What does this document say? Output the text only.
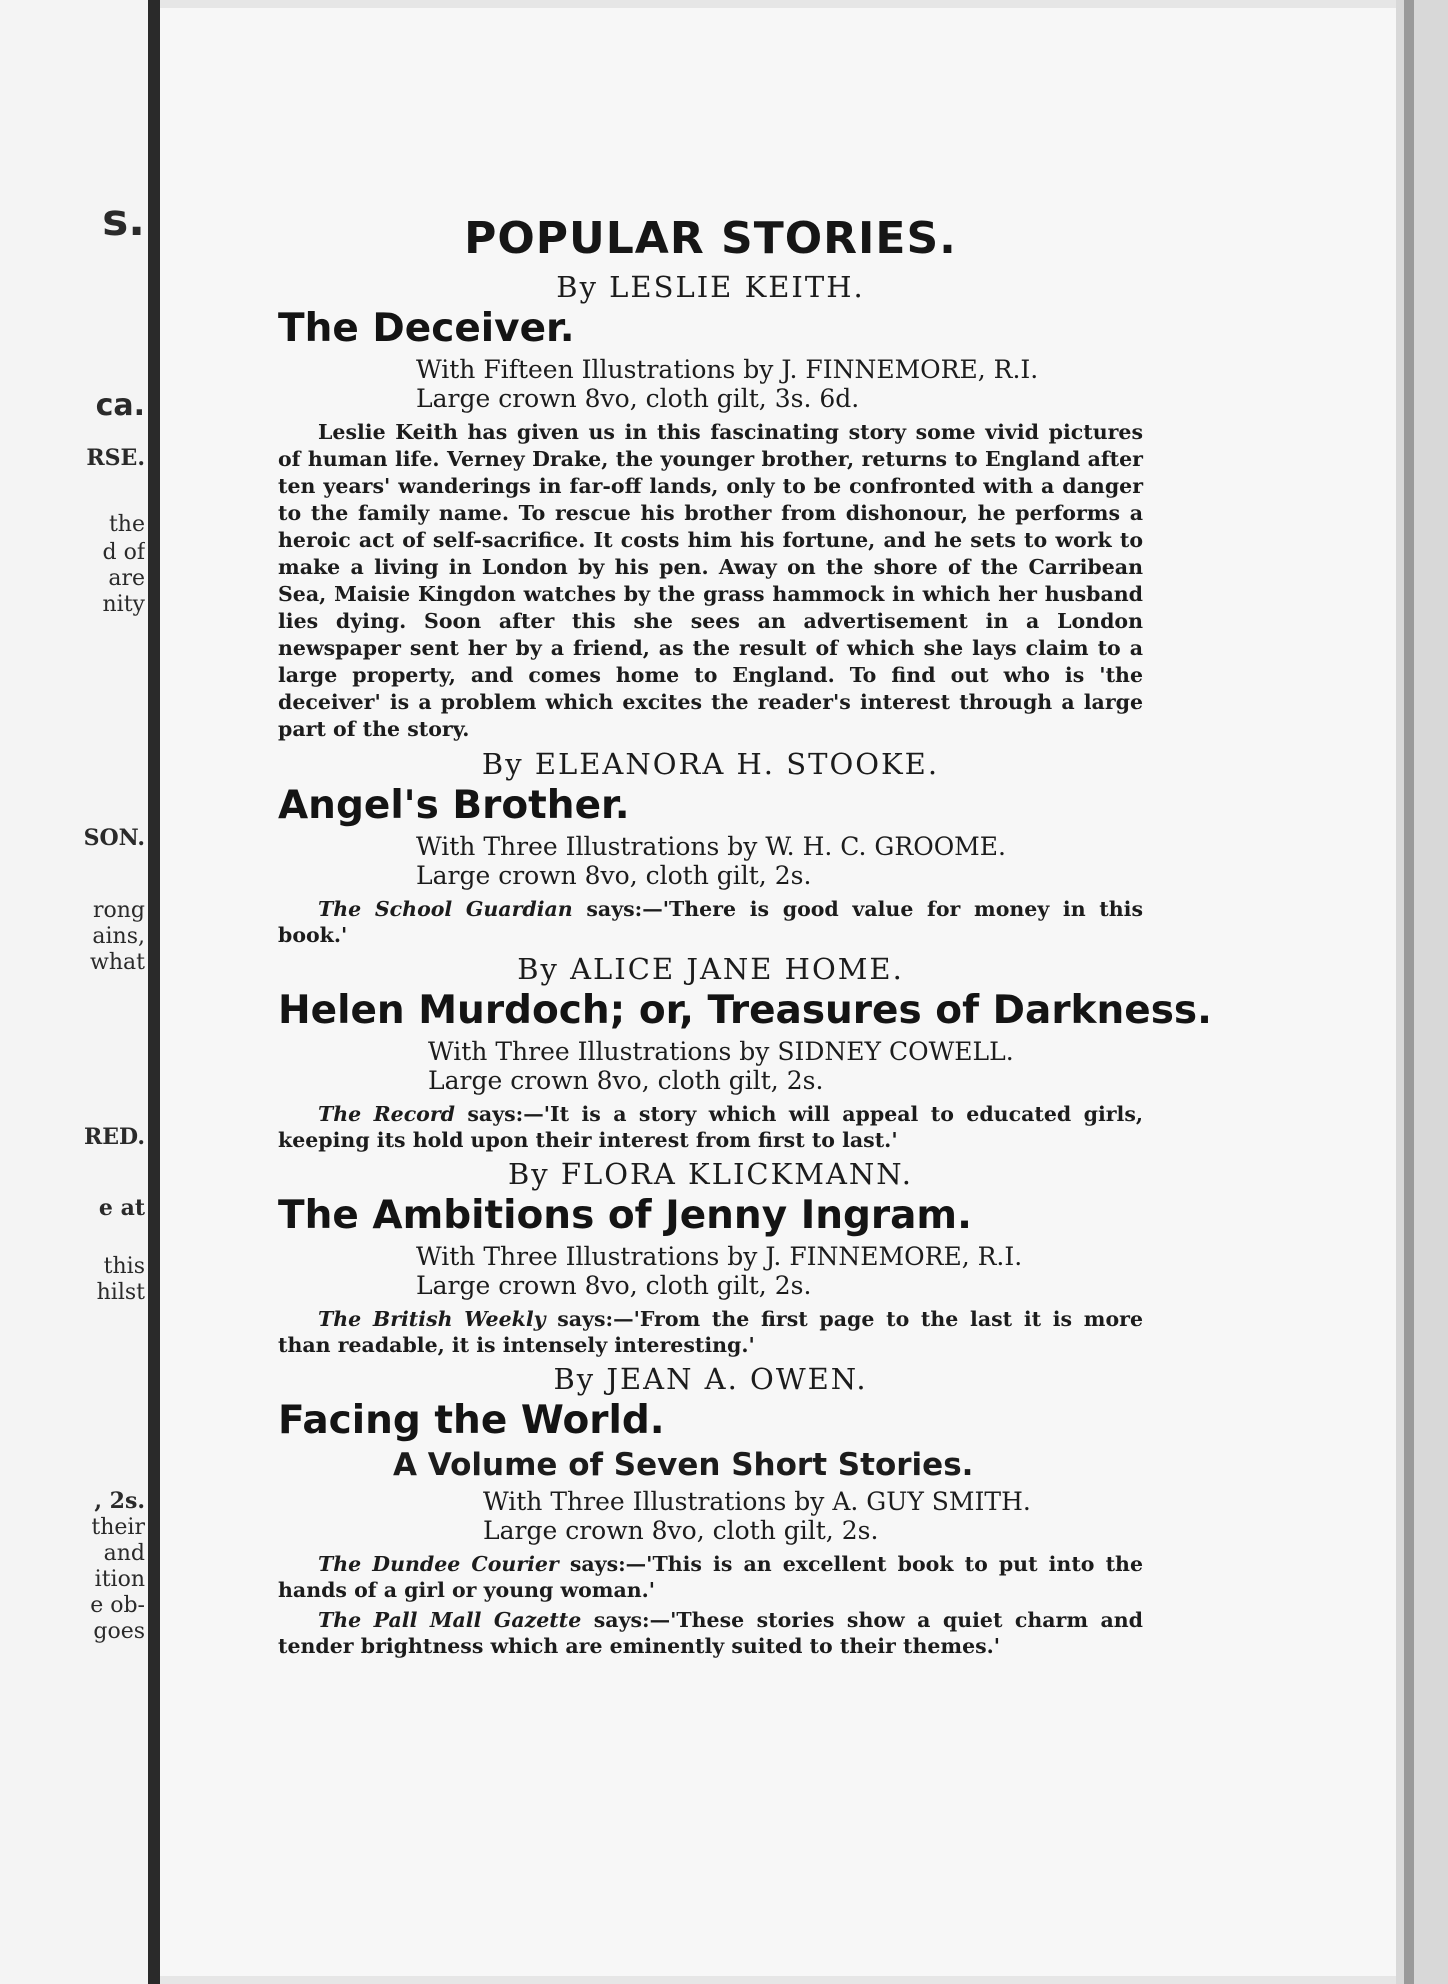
s.
ca.
RSE.
the
d of
are
nity
SON.
rong
ains,
what
RED.
e at
this
hilst
, 2s.
their
and
ition
e ob-
goes
POPULAR STORIES.
By LESLIE KEITH.
The Deceiver.
With Fifteen Illustrations by J. FINNEMORE, R.I.
Large crown 8vo, cloth gilt, 3s. 6d.

Leslie Keith has given us in this fascinating story some vivid pictures of human life. Verney Drake, the younger brother, returns to England after ten years' wanderings in far-off lands, only to be confronted with a danger to the family name. To rescue his brother from dishonour, he performs a heroic act of self-sacrifice. It costs him his fortune, and he sets to work to make a living in London by his pen. Away on the shore of the Carribean Sea, Maisie Kingdon watches by the grass hammock in which her husband lies dying. Soon after this she sees an advertisement in a London newspaper sent her by a friend, as the result of which she lays claim to a large property, and comes home to England. To find out who is 'the deceiver' is a problem which excites the reader's interest through a large part of the story.

By ELEANORA H. STOOKE.
Angel's Brother.
With Three Illustrations by W. H. C. GROOME.
Large crown 8vo, cloth gilt, 2s.

The School Guardian says:—'There is good value for money in this book.'

By ALICE JANE HOME.
Helen Murdoch; or, Treasures of Darkness.
With Three Illustrations by SIDNEY COWELL.
Large crown 8vo, cloth gilt, 2s.

The Record says:—'It is a story which will appeal to educated girls, keeping its hold upon their interest from first to last.'

By FLORA KLICKMANN.
The Ambitions of Jenny Ingram.
With Three Illustrations by J. FINNEMORE, R.I.
Large crown 8vo, cloth gilt, 2s.

The British Weekly says:—'From the first page to the last it is more than readable, it is intensely interesting.'

By JEAN A. OWEN.
Facing the World.
A Volume of Seven Short Stories.
With Three Illustrations by A. GUY SMITH.
Large crown 8vo, cloth gilt, 2s.

The Dundee Courier says:—'This is an excellent book to put into the hands of a girl or young woman.'

The Pall Mall Gazette says:—'These stories show a quiet charm and tender brightness which are eminently suited to their themes.'
